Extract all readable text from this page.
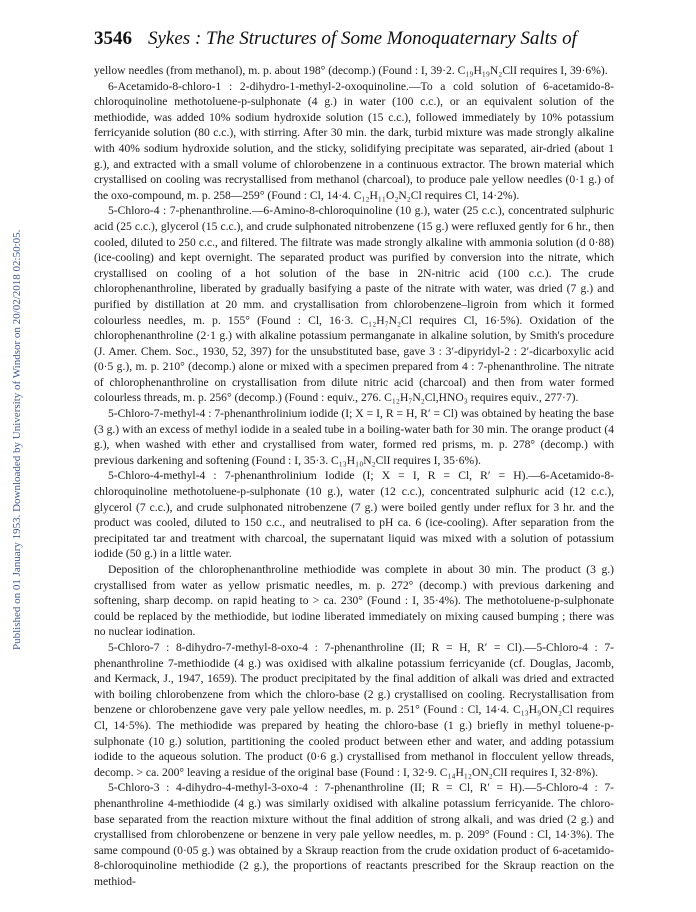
Published on 01 January 1953. Downloaded by University of Windsor on 20/02/2018 02:50:05.
3546 Sykes : The Structures of Some Monoquaternary Salts of

yellow needles (from methanol), m. p. about 198° (decomp.) (Found : I, 39·2. C₁₉H₁₉N₂ClI requires I, 39·6%).

6-Acetamido-8-chloro-1 : 2-dihydro-1-methyl-2-oxoquinoline.—To a cold solution of 6-acetamido-8-chloroquinoline methotoluene-p-sulphonate (4 g.) in water (100 c.c.), or an equivalent solution of the methiodide, was added 10% sodium hydroxide solution (15 c.c.), followed immediately by 10% potassium ferricyanide solution (80 c.c.), with stirring. After 30 min. the dark, turbid mixture was made strongly alkaline with 40% sodium hydroxide solution, and the sticky, solidifying precipitate was separated, air-dried (about 1 g.), and extracted with a small volume of chlorobenzene in a continuous extractor. The brown material which crystallised on cooling was recrystallised from methanol (charcoal), to produce pale yellow needles (0·1 g.) of the oxo-compound, m. p. 258—259° (Found : Cl, 14·4. C₁₂H₁₁O₂N₂Cl requires Cl, 14·2%).

5-Chloro-4 : 7-phenanthroline.—6-Amino-8-chloroquinoline (10 g.), water (25 c.c.), concentrated sulphuric acid (25 c.c.), glycerol (15 c.c.), and crude sulphonated nitrobenzene (15 g.) were refluxed gently for 6 hr., then cooled, diluted to 250 c.c., and filtered. The filtrate was made strongly alkaline with ammonia solution (d 0·88) (ice-cooling) and kept overnight. The separated product was purified by conversion into the nitrate, which crystallised on cooling of a hot solution of the base in 2N-nitric acid (100 c.c.). The crude chlorophenanthroline, liberated by gradually basifying a paste of the nitrate with water, was dried (7 g.) and purified by distillation at 20 mm. and crystallisation from chlorobenzene–ligroin from which it formed colourless needles, m. p. 155° (Found : Cl, 16·3. C₁₂H₇N₂Cl requires Cl, 16·5%). Oxidation of the chlorophenanthroline (2·1 g.) with alkaline potassium permanganate in alkaline solution, by Smith's procedure (J. Amer. Chem. Soc., 1930, 52, 397) for the unsubstituted base, gave 3 : 3′-dipyridyl-2 : 2′-dicarboxylic acid (0·5 g.), m. p. 210° (decomp.) alone or mixed with a specimen prepared from 4 : 7-phenanthroline. The nitrate of chlorophenanthroline on crystallisation from dilute nitric acid (charcoal) and then from water formed colourless threads, m. p. 256° (decomp.) (Found : equiv., 276. C₁₂H₇N₂Cl,HNO₃ requires equiv., 277·7).

5-Chloro-7-methyl-4 : 7-phenanthrolinium iodide (I; X = I, R = H, R′ = Cl) was obtained by heating the base (3 g.) with an excess of methyl iodide in a sealed tube in a boiling-water bath for 30 min. The orange product (4 g.), when washed with ether and crystallised from water, formed red prisms, m. p. 278° (decomp.) with previous darkening and softening (Found : I, 35·3. C₁₃H₁₀N₂ClI requires I, 35·6%).

5-Chloro-4-methyl-4 : 7-phenanthrolinium Iodide (I; X = I, R = Cl, R′ = H).—6-Acetamido-8-chloroquinoline methotoluene-p-sulphonate (10 g.), water (12 c.c.), concentrated sulphuric acid (12 c.c.), glycerol (7 c.c.), and crude sulphonated nitrobenzene (7 g.) were boiled gently under reflux for 3 hr. and the product was cooled, diluted to 150 c.c., and neutralised to pH ca. 6 (ice-cooling). After separation from the precipitated tar and treatment with charcoal, the supernatant liquid was mixed with a solution of potassium iodide (50 g.) in a little water.

Deposition of the chlorophenanthroline methiodide was complete in about 30 min. The product (3 g.) crystallised from water as yellow prismatic needles, m. p. 272° (decomp.) with previous darkening and softening, sharp decomp. on rapid heating to > ca. 230° (Found : I, 35·4%). The methotoluene-p-sulphonate could be replaced by the methiodide, but iodine liberated immediately on mixing caused bumping ; there was no nuclear iodination.

5-Chloro-7 : 8-dihydro-7-methyl-8-oxo-4 : 7-phenanthroline (II; R = H, R′ = Cl).—5-Chloro-4 : 7-phenanthroline 7-methiodide (4 g.) was oxidised with alkaline potassium ferricyanide (cf. Douglas, Jacomb, and Kermack, J., 1947, 1659). The product precipitated by the final addition of alkali was dried and extracted with boiling chlorobenzene from which the chloro-base (2 g.) crystallised on cooling. Recrystallisation from benzene or chlorobenzene gave very pale yellow needles, m. p. 251° (Found : Cl, 14·4. C₁₃H₉ON₂Cl requires Cl, 14·5%). The methiodide was prepared by heating the chloro-base (1 g.) briefly in methyl toluene-p-sulphonate (10 g.) solution, partitioning the cooled product between ether and water, and adding potassium iodide to the aqueous solution. The product (0·6 g.) crystallised from methanol in flocculent yellow threads, decomp. > ca. 200° leaving a residue of the original base (Found : I, 32·9. C₁₄H₁₂ON₂ClI requires I, 32·8%).

5-Chloro-3 : 4-dihydro-4-methyl-3-oxo-4 : 7-phenanthroline (II; R = Cl, R′ = H).—5-Chloro-4 : 7-phenanthroline 4-methiodide (4 g.) was similarly oxidised with alkaline potassium ferricyanide. The chloro-base separated from the reaction mixture without the final addition of strong alkali, and was dried (2 g.) and crystallised from chlorobenzene or benzene in very pale yellow needles, m. p. 209° (Found : Cl, 14·3%). The same compound (0·05 g.) was obtained by a Skraup reaction from the crude oxidation product of 6-acetamido-8-chloroquinoline methiodide (2 g.), the proportions of reactants prescribed for the Skraup reaction on the methiod-
